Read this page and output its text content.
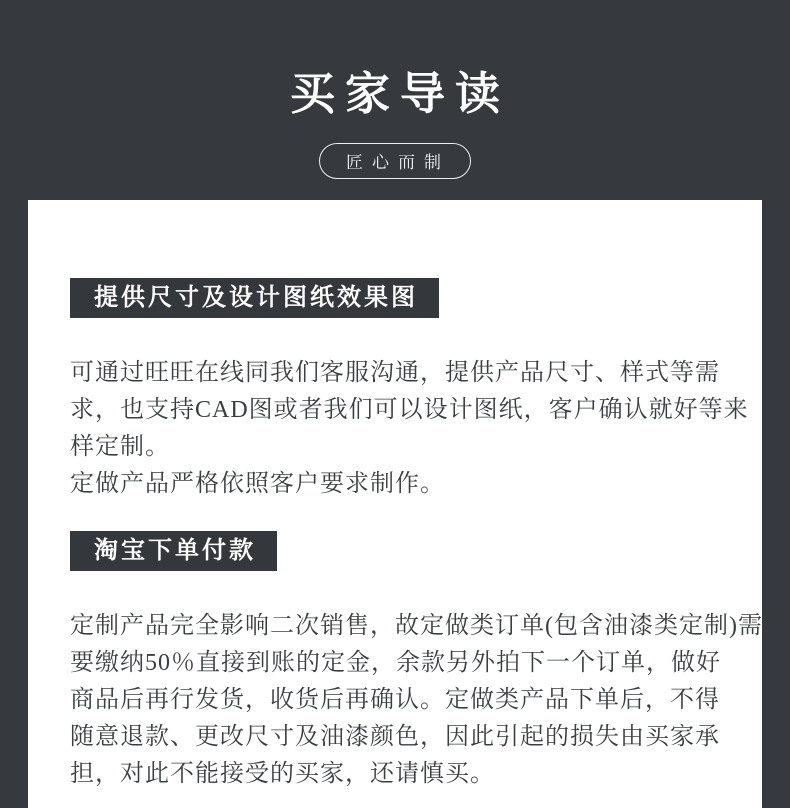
买家导读
匠心而制
提供尺寸及设计图纸效果图
可通过旺旺在线同我们客服沟通，提供产品尺寸、样式等需
求，也支持CAD图或者我们可以设计图纸，客户确认就好等来
样定制。
定做产品严格依照客户要求制作。
淘宝下单付款
定制产品完全影响二次销售，故定做类订单(包含油漆类定制)需
要缴纳50％直接到账的定金，余款另外拍下一个订单，做好
商品后再行发货，收货后再确认。定做类产品下单后，不得
随意退款、更改尺寸及油漆颜色，因此引起的损失由买家承
担，对此不能接受的买家，还请慎买。
